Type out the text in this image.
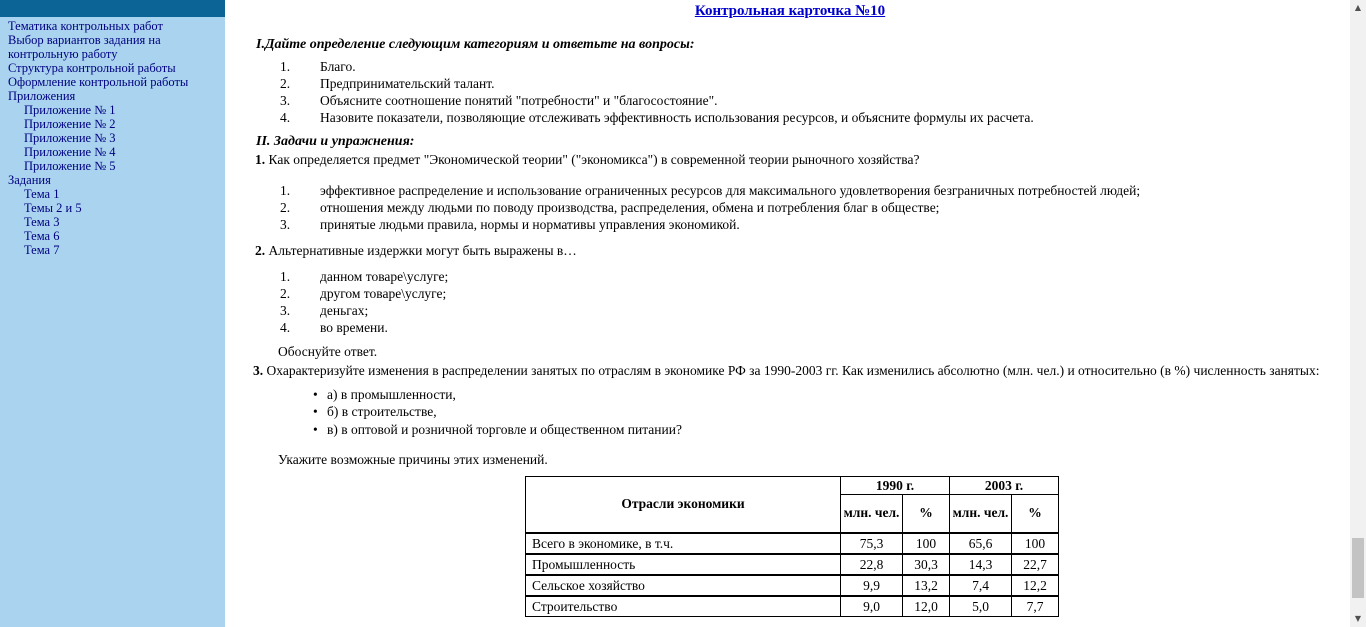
Тематика контрольных работ
Выбор вариантов задания на контрольную работу
Структура контрольной работы
Оформление контрольной работы
Приложения
Приложение № 1
Приложение № 2
Приложение № 3
Приложение № 4
Приложение № 5
Задания
Тема 1
Темы 2 и 5
Тема 3
Тема 6
Тема 7
Контрольная карточка №10
I.Дайте определение следующим категориям и ответьте на вопросы:
1.	Благо.
2.	Предпринимательский талант.
3.	Объясните соотношение понятий "потребности" и "благосостояние".
4.	Назовите показатели, позволяющие отслеживать эффективность использования ресурсов, и объясните формулы их расчета.
II. Задачи и упражнения:
1. Как определяется предмет "Экономической теории" ("экономикса") в современной теории рыночного хозяйства?
1.	эффективное распределение и использование ограниченных ресурсов для максимального удовлетворения безграничных потребностей людей;
2.	отношения между людьми по поводу производства, распределения, обмена и потребления благ в обществе;
3.	принятые людьми правила, нормы и нормативы управления экономикой.
2. Альтернативные издержки могут быть выражены в…
1.	данном товаре\услуге;
2.	другом товаре\услуге;
3.	деньгах;
4.	во времени.
Обоснуйте ответ.
3. Охарактеризуйте изменения в распределении занятых по отраслям в экономике РФ за 1990-2003 гг. Как изменились абсолютно (млн. чел.) и относительно (в %) численность занятых:
• а) в промышленности,
• б) в строительстве,
• в) в оптовой и розничной торговле и общественном питании?
Укажите возможные причины этих изменений.
Отрасли экономики	1990 г.		2003 г.	
	млн. чел.	%	млн. чел.	%
Всего в экономике, в т.ч.	75,3	100	65,6	100
Промышленность	22,8	30,3	14,3	22,7
Сельское хозяйство	9,9	13,2	7,4	12,2
Строительство	9,0	12,0	5,0	7,7
▲
▼
